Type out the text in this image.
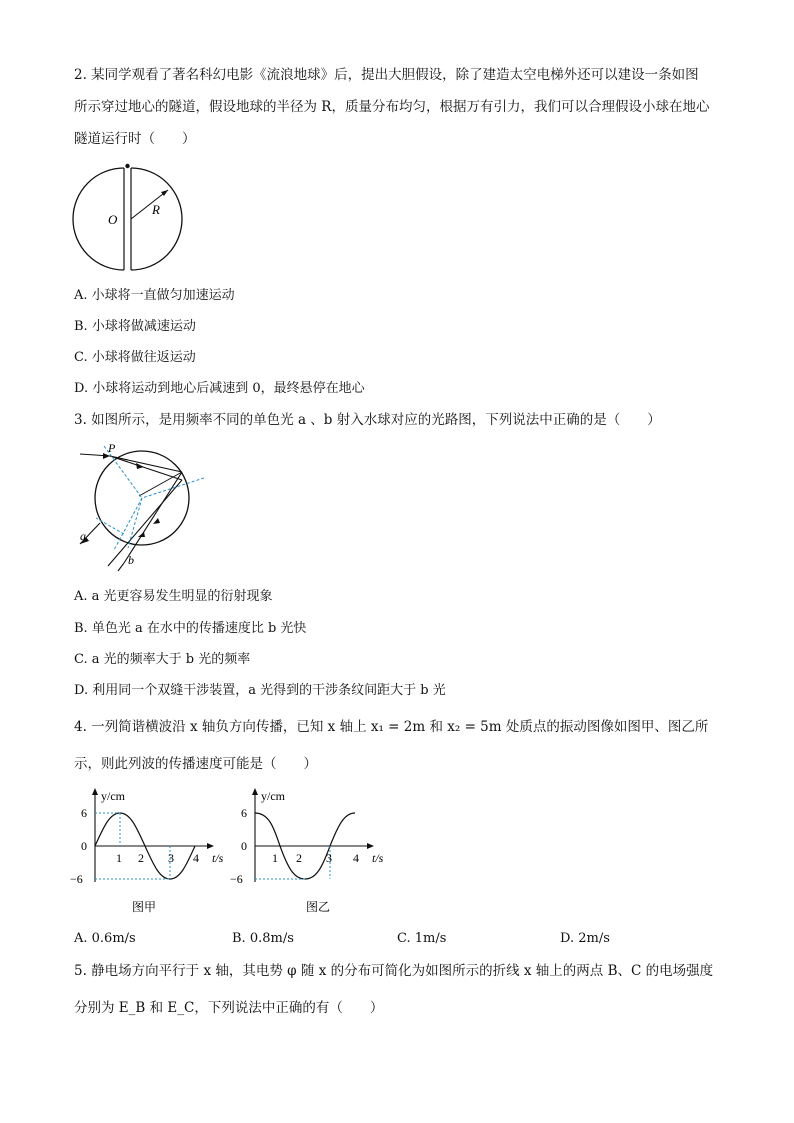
2. 某同学观看了著名科幻电影《流浪地球》后，提出大胆假设，除了建造太空电梯外还可以建设一条如图
所示穿过地心的隧道，假设地球的半径为 R，质量分布均匀，根据万有引力，我们可以合理假设小球在地心
隧道运行时（　　）
O
R
A. 小球将一直做匀加速运动
B. 小球将做减速运动
C. 小球将做往返运动
D. 小球将运动到地心后减速到 0，最终悬停在地心
3. 如图所示，是用频率不同的单色光 a 、b 射入水球对应的光路图，下列说法中正确的是（　　）
P
a
b
A. a 光更容易发生明显的衍射现象
B. 单色光 a 在水中的传播速度比 b 光快
C. a 光的频率大于 b 光的频率
D. 利用同一个双缝干涉装置，a 光得到的干涉条纹间距大于 b 光
4. 一列简谐横波沿 x 轴负方向传播，已知 x 轴上 x₁ = 2m 和 x₂ = 5m 处质点的振动图像如图甲、图乙所
示，则此列波的传播速度可能是（　　）
y/cm
t/s
6
0
−6
1 2 3 4
图甲
y/cm
t/s
6
0
−6
1 2 3 4
图乙
A. 0.6m/s	B. 0.8m/s	C. 1m/s	D. 2m/s
5. 静电场方向平行于 x 轴，其电势 φ 随 x 的分布可简化为如图所示的折线 x 轴上的两点 B、C 的电场强度
分别为 E_B 和 E_C，下列说法中正确的有（　　）
